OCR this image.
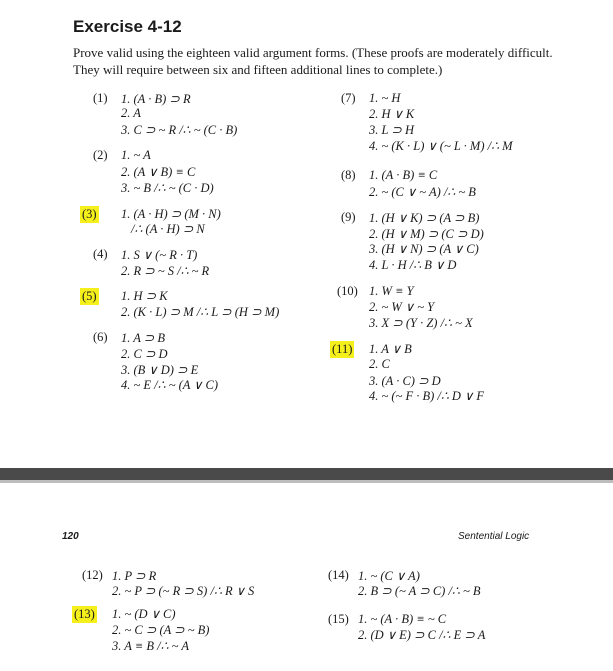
Exercise 4-12
Prove valid using the eighteen valid argument forms. (These proofs are moderately difficult. They will require between six and fifteen additional lines to complete.)
(1) 1. (A · B) ⊃ R
2. A
3. C ⊃ ~ R /∴ ~ (C · B)
(2) 1. ~ A
2. (A ∨ B) ≡ C
3. ~ B /∴ ~ (C · D)
(3) 1. (A · H) ⊃ (M · N)
/∴ (A · H) ⊃ N
(4) 1. S ∨ (~ R · T)
2. R ⊃ ~ S /∴ ~ R
(5) 1. H ⊃ K
2. (K · L) ⊃ M /∴ L ⊃ (H ⊃ M)
(6) 1. A ⊃ B
2. C ⊃ D
3. (B ∨ D) ⊃ E
4. ~ E /∴ ~ (A ∨ C)
(7) 1. ~ H
2. H ∨ K
3. L ⊃ H
4. ~ (K · L) ∨ (~ L · M) /∴ M
(8) 1. (A · B) ≡ C
2. ~ (C ∨ ~ A) /∴ ~ B
(9) 1. (H ∨ K) ⊃ (A ⊃ B)
2. (H ∨ M) ⊃ (C ⊃ D)
3. (H ∨ N) ⊃ (A ∨ C)
4. L · H /∴ B ∨ D
(10) 1. W ≡ Y
2. ~ W ∨ ~ Y
3. X ⊃ (Y · Z) /∴ ~ X
(11) 1. A ∨ B
2. C
3. (A · C) ⊃ D
4. ~ (~ F · B) /∴ D ∨ F
120	Sentential Logic
(12) 1. P ⊃ R
2. ~ P ⊃ (~ R ⊃ S) /∴ R ∨ S
(13) 1. ~ (D ∨ C)
2. ~ C ⊃ (A ⊃ ~ B)
3. A ≡ B /∴ ~ A
(14) 1. ~ (C ∨ A)
2. B ⊃ (~ A ⊃ C) /∴ ~ B
(15) 1. ~ (A · B) ≡ ~ C
2. (D ∨ E) ⊃ C /∴ E ⊃ A
